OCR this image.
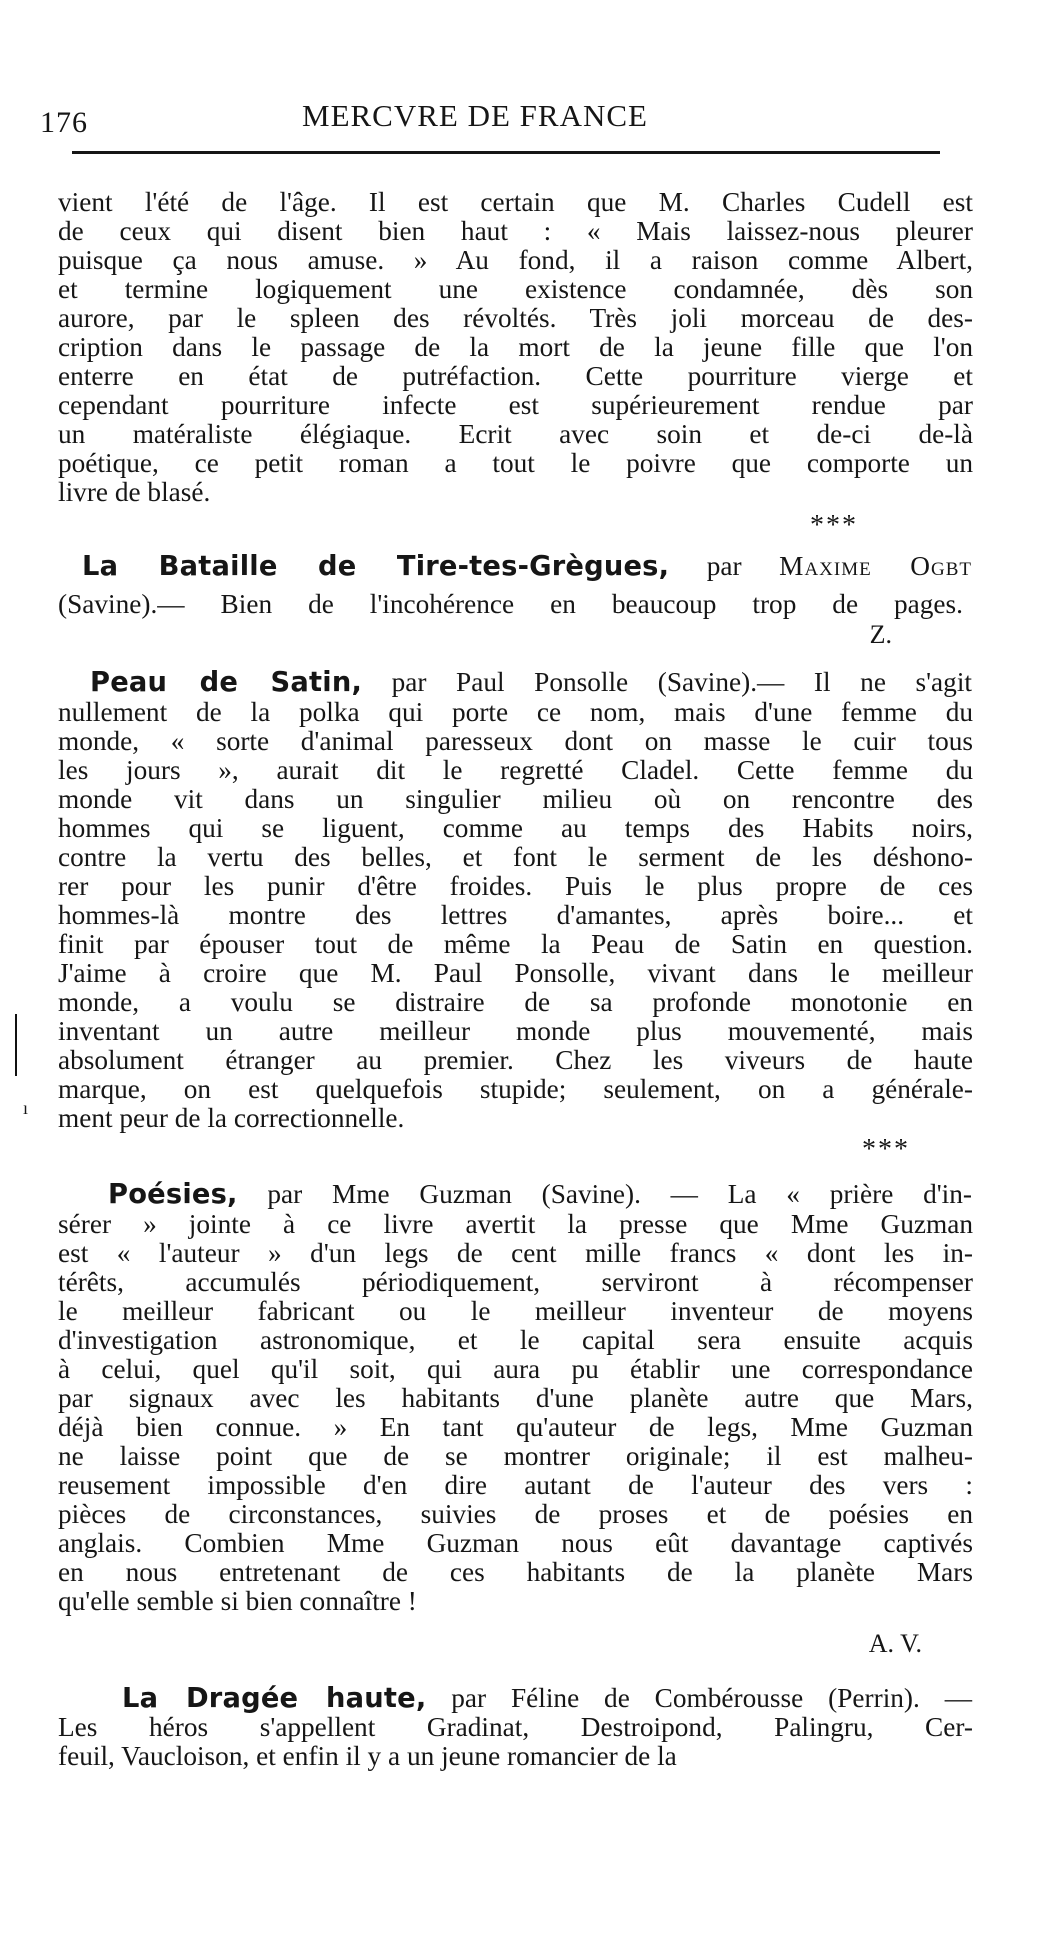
176	MERCVRE DE FRANCE
ı
vient l'été de l'âge. Il est certain que M. Charles Cudell est
de ceux qui disent bien haut : « Mais laissez-nous pleurer
puisque ça nous amuse. » Au fond, il a raison comme Albert,
et termine logiquement une existence condamnée, dès son
aurore, par le spleen des révoltés. Très joli morceau de des-
cription dans le passage de la mort de la jeune fille que l'on
enterre en état de putréfaction. Cette pourriture vierge et
cependant pourriture infecte est supérieurement rendue par
un matéraliste élégiaque. Ecrit avec soin et de-ci de-là
poétique, ce petit roman a tout le poivre que comporte un
livre de blasé.
***
La Bataille de Tire-tes-Grègues, par Maxime Ogbt
(Savine).— Bien de l'incohérence en beaucoup trop de pages.
Z.
Peau de Satin, par Paul Ponsolle (Savine).— Il ne s'agit
nullement de la polka qui porte ce nom, mais d'une femme du
monde, « sorte d'animal paresseux dont on masse le cuir tous
les jours », aurait dit le regretté Cladel. Cette femme du
monde vit dans un singulier milieu où on rencontre des
hommes qui se liguent, comme au temps des Habits noirs,
contre la vertu des belles, et font le serment de les déshono-
rer pour les punir d'être froides. Puis le plus propre de ces
hommes-là montre des lettres d'amantes, après boire... et
finit par épouser tout de même la Peau de Satin en question.
J'aime à croire que M. Paul Ponsolle, vivant dans le meilleur
monde, a voulu se distraire de sa profonde monotonie en
inventant un autre meilleur monde plus mouvementé, mais
absolument étranger au premier. Chez les viveurs de haute
marque, on est quelquefois stupide; seulement, on a générale-
ment peur de la correctionnelle.
***
Poésies, par Mme Guzman (Savine). — La « prière d'in-
sérer » jointe à ce livre avertit la presse que Mme Guzman
est « l'auteur » d'un legs de cent mille francs « dont les in-
térêts, accumulés périodiquement, serviront à récompenser
le meilleur fabricant ou le meilleur inventeur de moyens
d'investigation astronomique, et le capital sera ensuite acquis
à celui, quel qu'il soit, qui aura pu établir une correspondance
par signaux avec les habitants d'une planète autre que Mars,
déjà bien connue. » En tant qu'auteur de legs, Mme Guzman
ne laisse point que de se montrer originale; il est malheu-
reusement impossible d'en dire autant de l'auteur des vers :
pièces de circonstances, suivies de proses et de poésies en
anglais. Combien Mme Guzman nous eût davantage captivés
en nous entretenant de ces habitants de la planète Mars
qu'elle semble si bien connaître !
A. V.
La Dragée haute, par Féline de Combérousse (Perrin). —
Les héros s'appellent Gradinat, Destroipond, Palingru, Cer-
feuil, Vaucloison, et enfin il y a un jeune romancier de la
